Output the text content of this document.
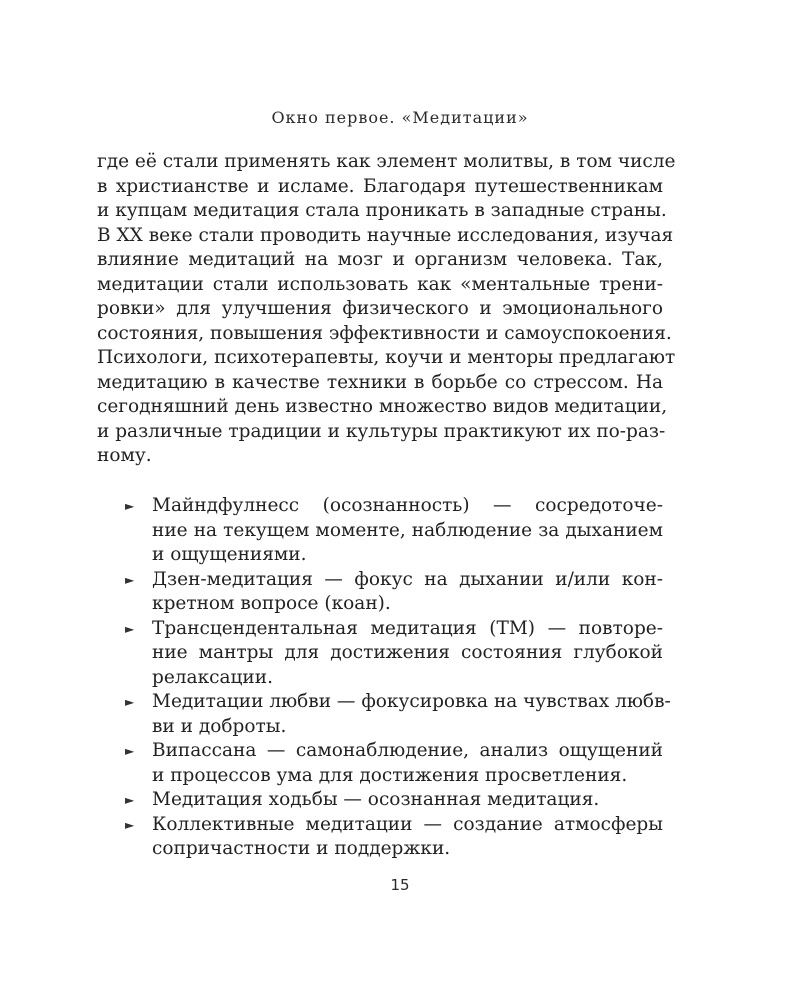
Окно первое. «Медитации»
где её стали применять как элемент молитвы, в том числе
в христианстве и исламе. Благодаря путешественникам
и купцам медитация стала проникать в западные страны.
В XX веке стали проводить научные исследования, изучая
влияние медитаций на мозг и организм человека. Так,
медитации стали использовать как «ментальные трени-
ровки» для улучшения физического и эмоционального
состояния, повышения эффективности и самоуспокоения.
Психологи, психотерапевты, коучи и менторы предлагают
медитацию в качестве техники в борьбе со стрессом. На
сегодняшний день известно множество видов медитации,
и различные традиции и культуры практикуют их по-раз-
ному.
► Майндфулнесс (осознанность) — сосредоточе-
ние на текущем моменте, наблюдение за дыханием
и ощущениями.
► Дзен-медитация — фокус на дыхании и/или кон-
кретном вопросе (коан).
► Трансцендентальная медитация (ТМ) — повторе-
ние мантры для достижения состояния глубокой
релаксации.
► Медитации любви — фокусировка на чувствах любв-
ви и доброты.
► Випассана — самонаблюдение, анализ ощущений
и процессов ума для достижения просветления.
► Медитация ходьбы — осознанная медитация.
► Коллективные медитации — создание атмосферы
сопричастности и поддержки.
15
